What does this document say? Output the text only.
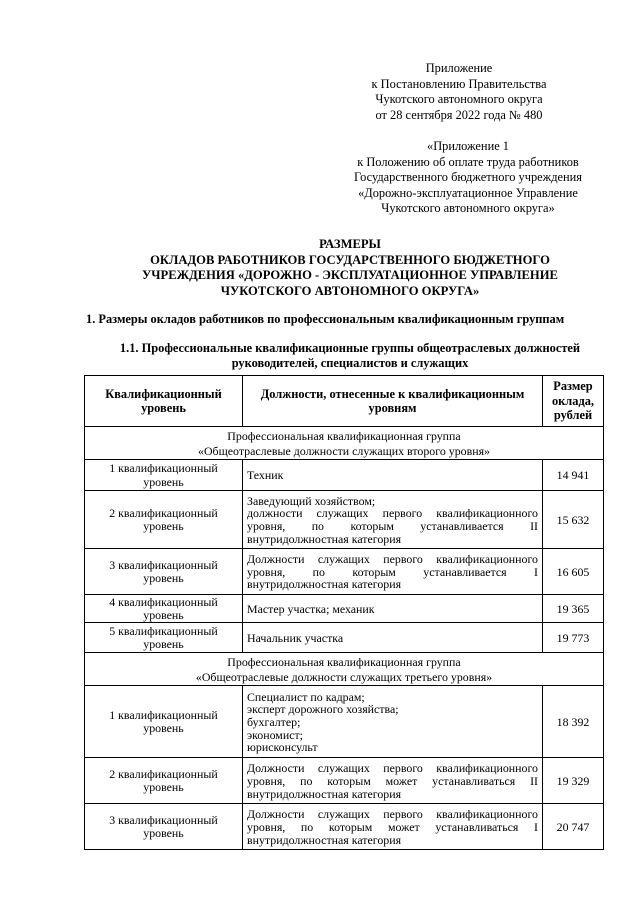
Приложение
к Постановлению Правительства
Чукотского автономного округа
от 28 сентября 2022 года № 480
«Приложение 1
к Положению об оплате труда работников
Государственного бюджетного учреждения
«Дорожно-эксплуатационное Управление
Чукотского автономного округа»
РАЗМЕРЫ
ОКЛАДОВ РАБОТНИКОВ ГОСУДАРСТВЕННОГО БЮДЖЕТНОГО
УЧРЕЖДЕНИЯ «ДОРОЖНО - ЭКСПЛУАТАЦИОННОЕ УПРАВЛЕНИЕ
ЧУКОТСКОГО АВТОНОМНОГО ОКРУГА»
1. Размеры окладов работников по профессиональным квалификационным группам
1.1. Профессиональные квалификационные группы общеотраслевых должностей
руководителей, специалистов и служащих
Квалификационный уровень	Должности, отнесенные к квалификационным уровням	Размер оклада, рублей

Профессиональная квалификационная группа
«Общеотраслевые должности служащих второго уровня»		

1 квалификационный уровень	Техник	14 941
2 квалификационный уровень	Заведующий хозяйством;
должности служащих первого квалификационного уровня, по которым устанавливается II внутридолжностная категория	15 632
3 квалификационный уровень	Должности служащих первого квалификационного уровня, по которым устанавливается I внутридолжностная категория	16 605
4 квалификационный уровень	Мастер участка; механик	19 365
5 квалификационный уровень	Начальник участка	19 773

Профессиональная квалификационная группа
«Общеотраслевые должности служащих третьего уровня»		

1 квалификационный уровень	Специалист по кадрам;
эксперт дорожного хозяйства;
бухгалтер;
экономист;
юрисконсульт	18 392
2 квалификационный уровень	Должности служащих первого квалификационного уровня, по которым может устанавливаться II внутридолжностная категория	19 329
3 квалификационный уровень	Должности служащих первого квалификационного уровня, по которым может устанавливаться I внутридолжностная категория	20 747
